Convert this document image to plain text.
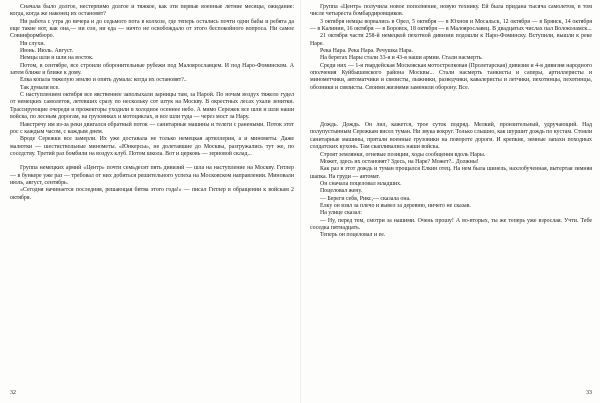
Сначала было долгое, нестерпимо долгое и тяжкое, как эти первые военные летние месяцы, ожидание: когда, когда же наконец их остановят?

Ни работа с утра до вечера и до седьмого пота в колхозе, где теперь остались почти одни бабы и ребята да еще такие вот, как она,— ни сон, ни еда — ничто не освобождало от этого беспокойного вопроса. Ни самое Совинформбюро.

Ни слухи.

Июнь. Июль. Август.

Немцы шли и шли на восток.

Потом, в сентябре, все строили оборонительные рубежи под Малоярославцем. И под Наро-Фоминском. А затем ближе и ближе к дому.

Елка копала тяжелую землю и опять думала: когда их остановят?..

Так думали все.

С наступлением октября все явственнее заполыхали зарницы там, за Нарой. По ночам воздух тяжело гудел от немецких самолетов, летевших сразу по нескольку сот штук на Москву. В окрестных лесах ухали зенитки. Трассирующие очереди и прожекторы уходили в холодное осеннее небо. А мимо Сережек все шли и шли наши войска, по лесным дорогам, на грузовиках и мотоциклах, и все шли туда — через мост за Нару.

Навстречу им из-за реки двигался обратный поток — санитарные машины и телеги с ранеными. Поток этот рос с каждым часом, с каждым днем.

Вроде Сережки все замерли. Их уже доставала не только немецкая артиллерия, а и минометы. Даже малютки — шестиствольные минометы. «Юнкерсы», не долетавшие до Москвы, разгружались тут же, по соседству. Третий раз бомбили на воздух клуб. Потом школа. Вот и церковь — зерновой склад...

Группа немецких армий «Центр» почти семьдесят пять дивизий — шла на наступление на Москву. Гитлер — в бункере уже раз — требовал от них добиться решительного успеха на Московском направлении. Миновали июль, август, сентябрь.

«Сегодня начинается последняя, решающая битва этого года!» — писал Гитлер в обращении к войскам 2 октября.

32

Группа «Центр» получила новое пополнение, новую технику. Ей была придана тысяча самолетов, в том числе четыреста бомбардировщиков.

3 октября немцы ворвались в Орел, 5 октября — в Юхнов и Мосальск, 12 октября — в Брянск, 14 октября — в Калинин, 16 октября — в Боровск, 18 октября — в Малоярославец. В двадцатых числах пал Волоколамск...

21 октября части 258-й немецкой пехотной дивизии подошли к Наро-Фоминску. Вступили, вышли к реке Наре.

Река Нара. Река Нара. Речушка Нара.

На берегах Нары стали 33-я и 43-я наши армии. Стали насмерть.

Среди них — 1-я гвардейская Московская мотострелковая (Пролетарская) дивизия и 4-я дивизия народного ополчения Куйбышевского района Москвы... Стали насмерть танкисты и саперы, артиллеристы и минометчики, автоматчики и связисты, лыжники, разведчики, кавалеристы и летчики, пехотинцы, пехотинцы, обозники и связисты. Своими жизнями заменили оборону. Все.

Дождь. Дождь. Он лил, кажется, трое суток подряд. Мелкий, пронзительный, удручающий. Над полупустынным Сережкам висел туман. Ни звука вокруг. Только слышно, как шуршит дождь по кустам. Стояли санитарные машины, прятали военные грузовики на повороте дороги. И крепкие, земные запахи походных солдатских кухонь. Там скапливались наши войска.

Строят землянки, огневые позиции, ходы сообщения вдоль Нары.

Может, здесь их остановят? Здесь, на Наре? Может?.. Должны!

Как раз в этот дождь и туман прощался Елкин отец. На нем была шинель, нахлобученная, вытертая зимняя шапка. На груди — автомат.

Он сначала поцеловал младших.

Поцеловал жену.

— Береги себя, Рикс,— сказала она.

Елку он взял за плечо и вывел за деревню, ничего не сказав.

На улице сказал:

— Ну, перед тем, смотри за нашими. Очень прошу! А во-вторых, ты же теперь уже взрослая. Учти. Тебе соседка пятнадцать.

Теперь он поцеловал и ее.

33
